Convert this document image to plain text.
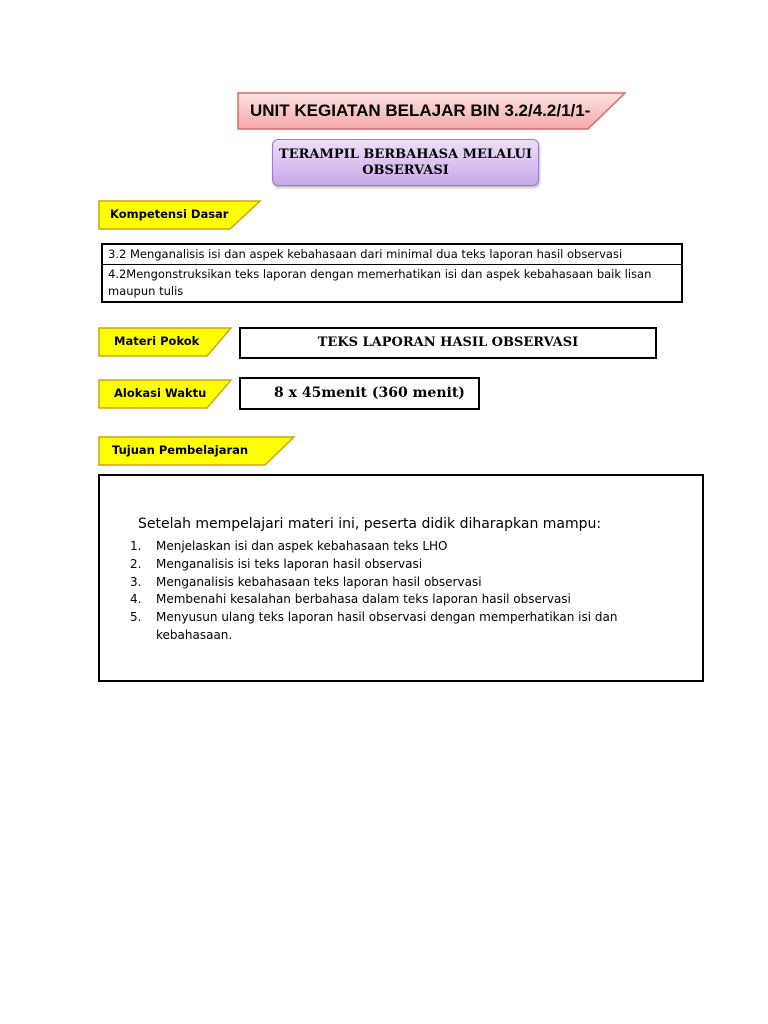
UNIT KEGIATAN BELAJAR BIN 3.2/4.2/1/1-
TERAMPIL BERBAHASA MELALUI
OBSERVASI
Kompetensi Dasar
3.2 Menganalisis isi dan aspek kebahasaan dari minimal dua teks laporan hasil observasi
4.2Mengonstruksikan teks laporan dengan memerhatikan isi dan aspek kebahasaan baik lisan maupun tulis
Materi Pokok	TEKS LAPORAN HASIL OBSERVASI
Alokasi Waktu	8 x 45menit (360 menit)
Tujuan Pembelajaran
Setelah mempelajari materi ini, peserta didik diharapkan mampu:
1. Menjelaskan isi dan aspek kebahasaan teks LHO
2. Menganalisis isi teks laporan hasil observasi
3. Menganalisis kebahasaan teks laporan hasil observasi
4. Membenahi kesalahan berbahasa dalam teks laporan hasil observasi
5. Menyusun ulang teks laporan hasil observasi dengan memperhatikan isi dan kebahasaan.
